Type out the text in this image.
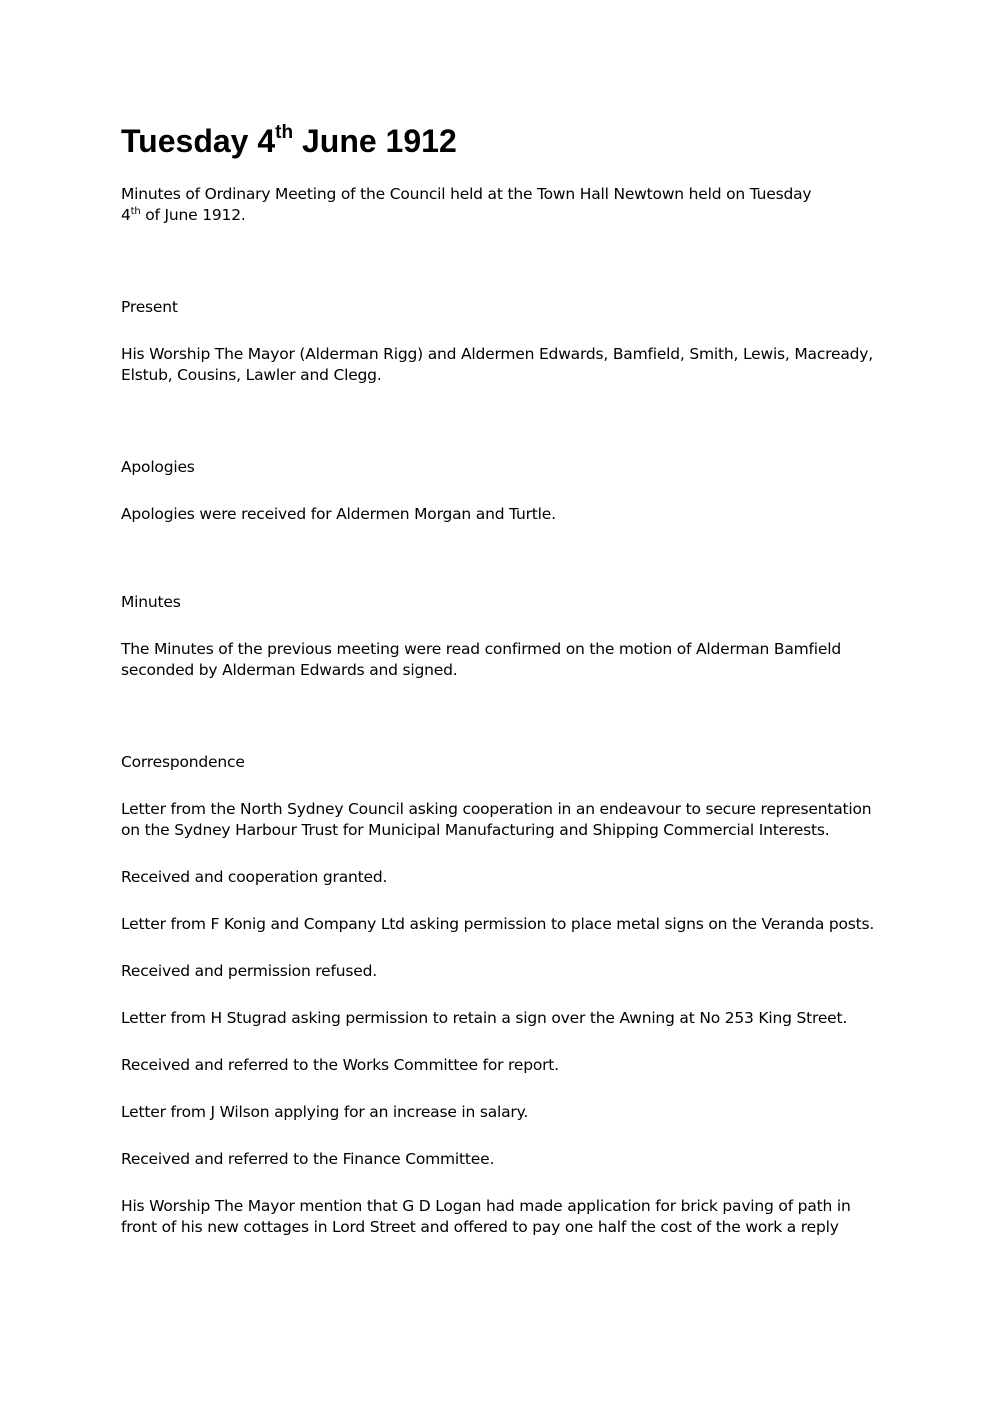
Tuesday 4th June 1912

Minutes of Ordinary Meeting of the Council held at the Town Hall Newtown held on Tuesday
4th of June 1912.

Present

His Worship The Mayor (Alderman Rigg) and Aldermen Edwards, Bamfield, Smith, Lewis, Macready, Elstub, Cousins, Lawler and Clegg.

Apologies

Apologies were received for Aldermen Morgan and Turtle.

Minutes

The Minutes of the previous meeting were read confirmed on the motion of Alderman Bamfield seconded by Alderman Edwards and signed.

Correspondence

Letter from the North Sydney Council asking cooperation in an endeavour to secure representation on the Sydney Harbour Trust for Municipal Manufacturing and Shipping Commercial Interests.

Received and cooperation granted.

Letter from F Konig and Company Ltd asking permission to place metal signs on the Veranda posts.

Received and permission refused.

Letter from H Stugrad asking permission to retain a sign over the Awning at No 253 King Street.

Received and referred to the Works Committee for report.

Letter from J Wilson applying for an increase in salary.

Received and referred to the Finance Committee.

His Worship The Mayor mention that G D Logan had made application for brick paving of path in front of his new cottages in Lord Street and offered to pay one half the cost of the work a reply
